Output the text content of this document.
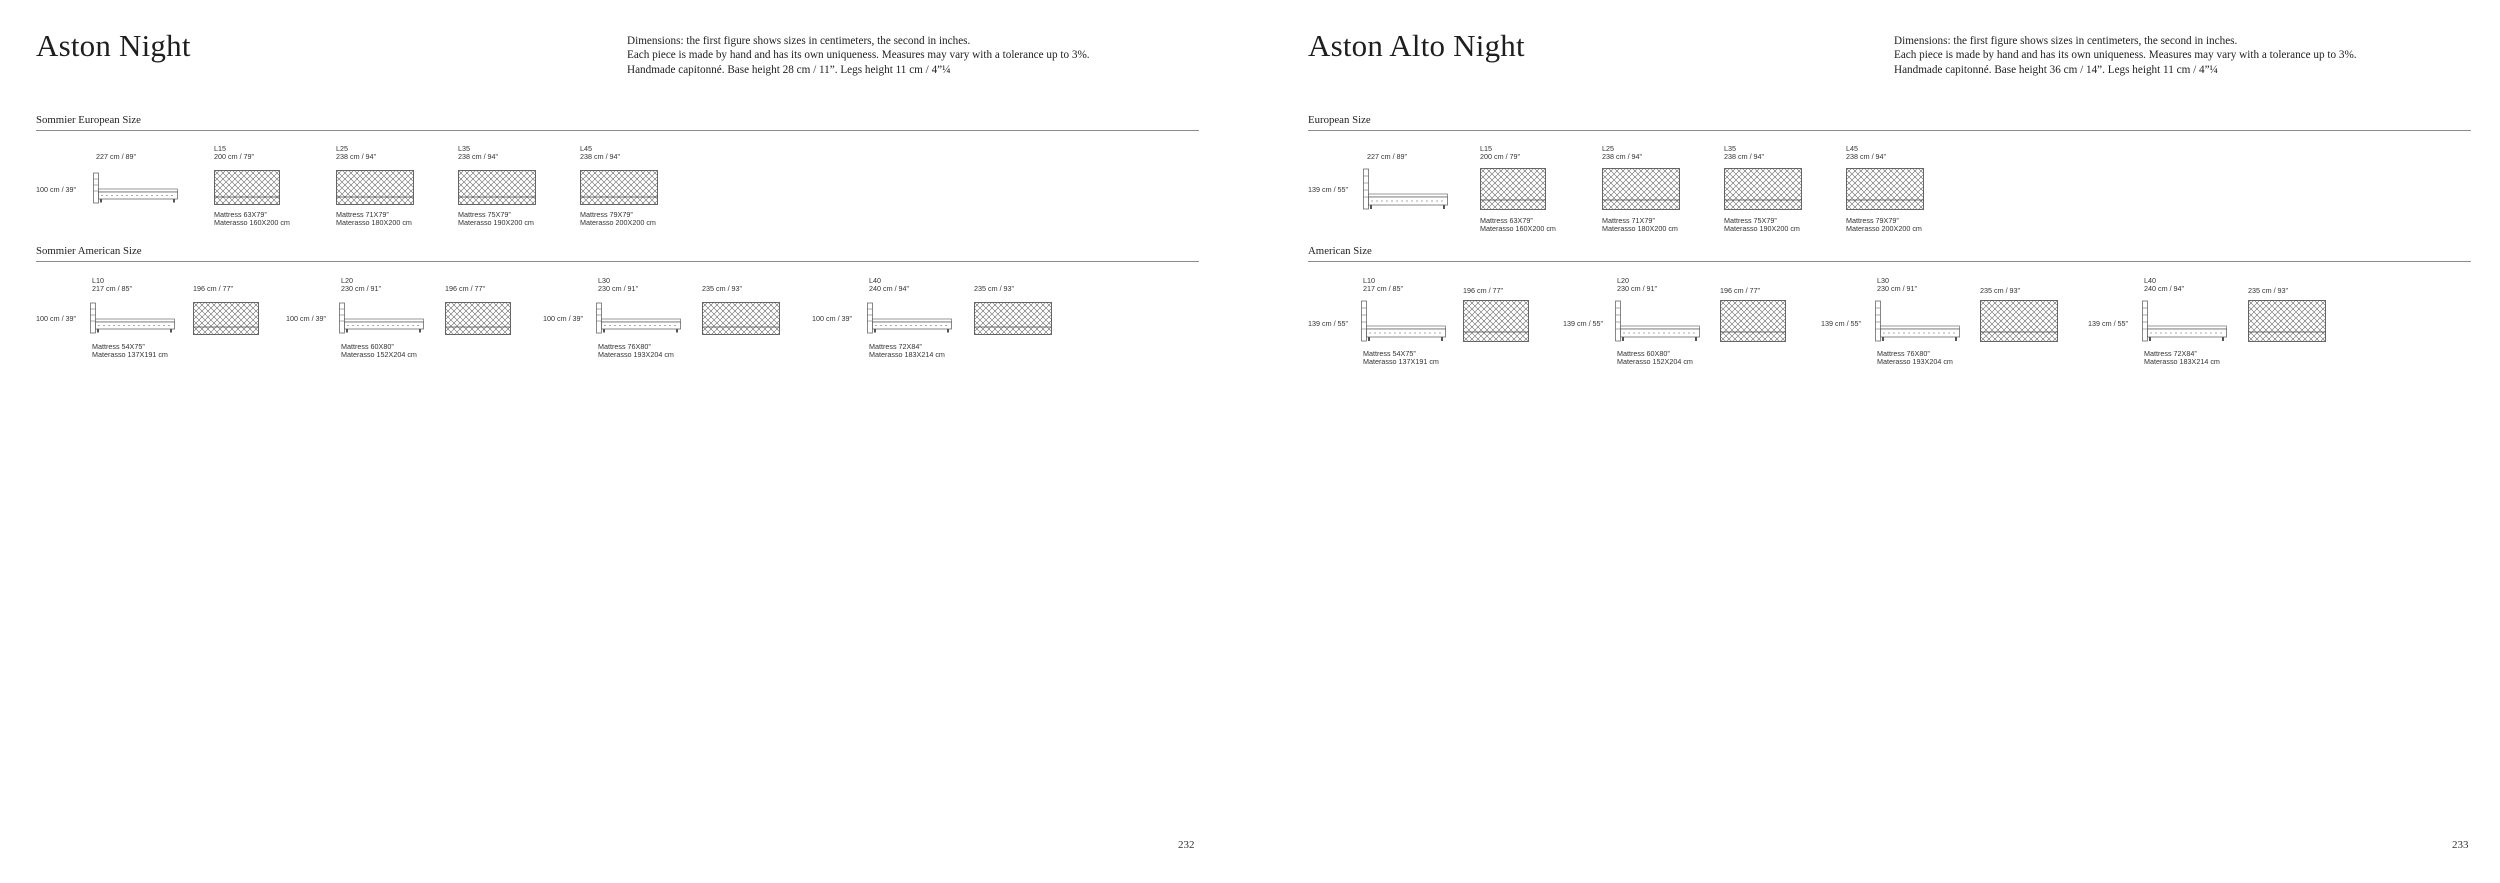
Aston Night	Dimensions: the first figure shows sizes in centimeters, the second in inches.
Each piece is made by hand and has its own uniqueness. Measures may vary with a tolerance up to 3%.
Handmade capitonné. Base height 28 cm / 11”. Legs height 11 cm / 4”¼
Sommier European Size
227 cm / 89”
100 cm / 39”
L15
200 cm / 79”
Mattress 63X79”
Materasso 160X200 cm
L25
238 cm / 94”
Mattress 71X79”
Materasso 180X200 cm
L35
238 cm / 94”
Mattress 75X79”
Materasso 190X200 cm
L45
238 cm / 94”
Mattress 79X79”
Materasso 200X200 cm
Sommier American Size
L10
217 cm / 85”
100 cm / 39”
196 cm / 77”
Mattress 54X75”
Materasso 137X191 cm
L20
230 cm / 91”
100 cm / 39”
196 cm / 77”
Mattress 60X80”
Materasso 152X204 cm
L30
230 cm / 91”
100 cm / 39”
235 cm / 93”
Mattress 76X80”
Materasso 193X204 cm
L40
240 cm / 94”
100 cm / 39”
235 cm / 93”
Mattress 72X84”
Materasso 183X214 cm
232
Aston Alto Night	Dimensions: the first figure shows sizes in centimeters, the second in inches.
Each piece is made by hand and has its own uniqueness. Measures may vary with a tolerance up to 3%.
Handmade capitonné. Base height 36 cm / 14”. Legs height 11 cm / 4”¼
European Size
227 cm / 89”
139 cm / 55”
L15
200 cm / 79”
Mattress 63X79”
Materasso 160X200 cm
L25
238 cm / 94”
Mattress 71X79”
Materasso 180X200 cm
L35
238 cm / 94”
Mattress 75X79”
Materasso 190X200 cm
L45
238 cm / 94”
Mattress 79X79”
Materasso 200X200 cm
American Size
L10
217 cm / 85”
139 cm / 55”
196 cm / 77”
Mattress 54X75”
Materasso 137X191 cm
L20
230 cm / 91”
139 cm / 55”
196 cm / 77”
Mattress 60X80”
Materasso 152X204 cm
L30
230 cm / 91”
139 cm / 55”
235 cm / 93”
Mattress 76X80”
Materasso 193X204 cm
L40
240 cm / 94”
139 cm / 55”
235 cm / 93”
Mattress 72X84”
Materasso 183X214 cm
233
